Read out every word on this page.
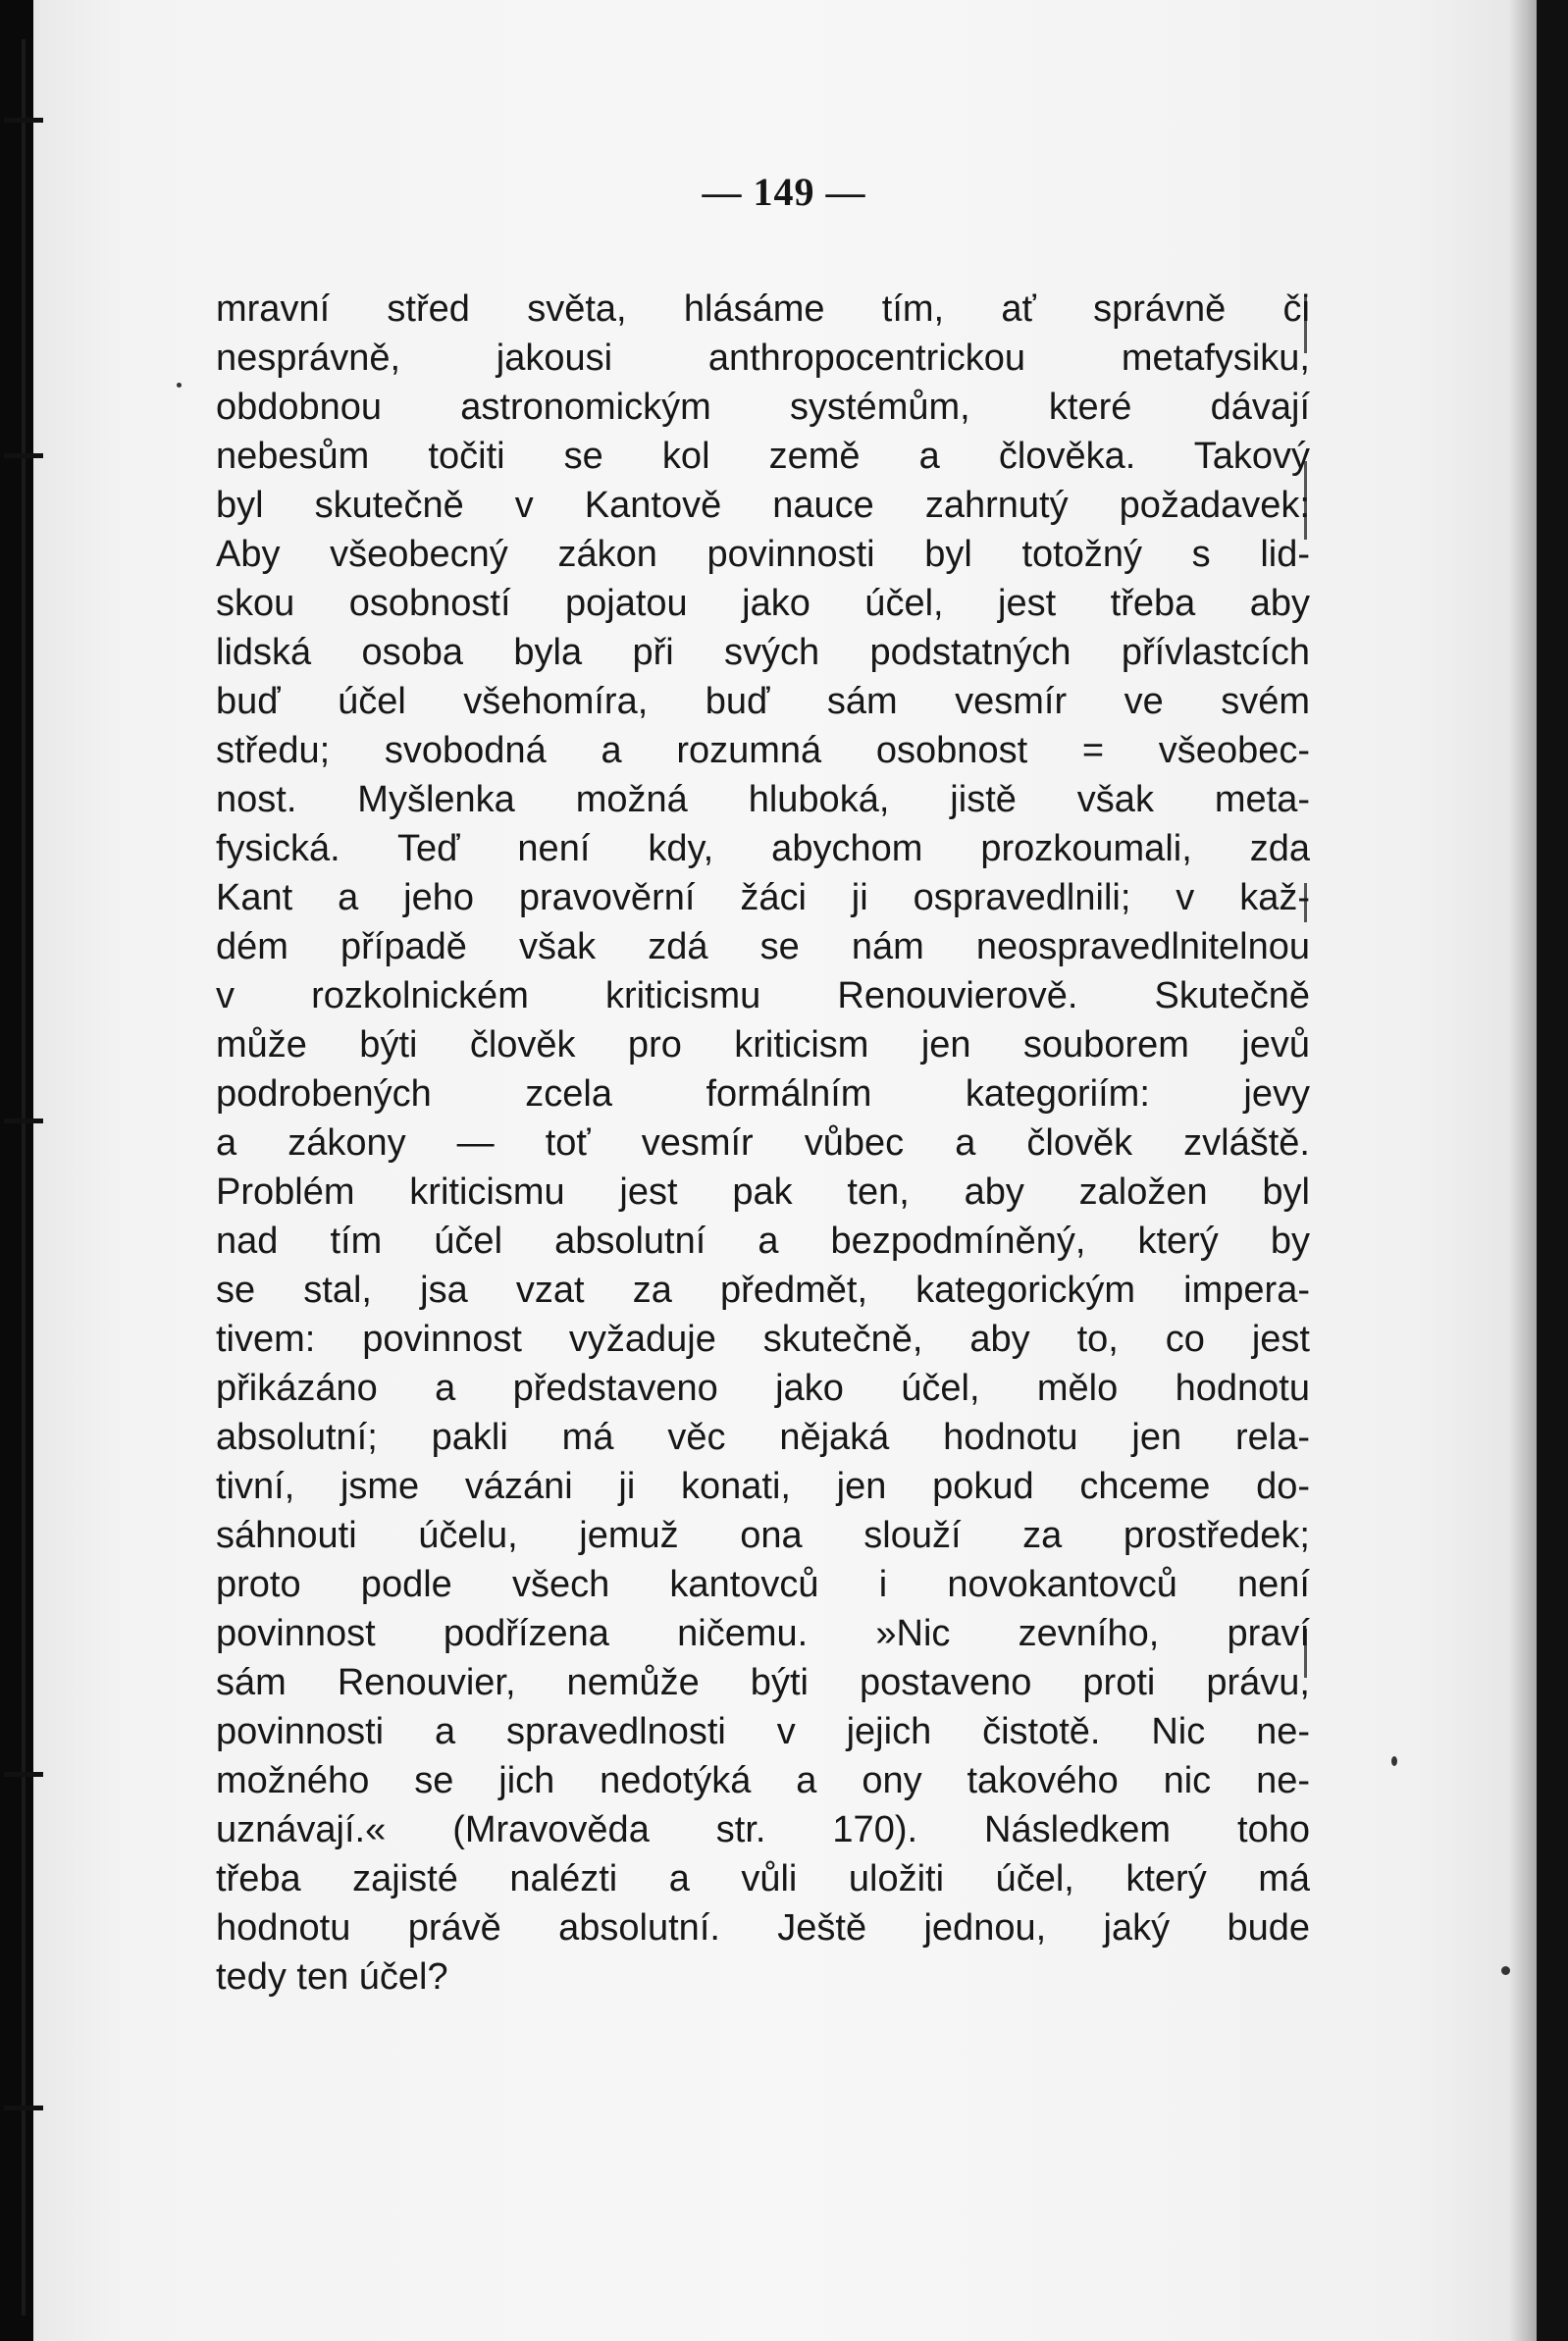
— 149 —
mravní střed světa, hlásáme tím, ať správně či
nesprávně, jakousi anthropocentrickou metafysiku,
obdobnou astronomickým systémům, které dávají
nebesům točiti se kol země a člověka. Takový
byl skutečně v Kantově nauce zahrnutý požadavek:
Aby všeobecný zákon povinnosti byl totožný s lid-
skou osobností pojatou jako účel, jest třeba aby
lidská osoba byla při svých podstatných přívlastcích
buď účel všehomíra, buď sám vesmír ve svém
středu; svobodná a rozumná osobnost = všeobec-
nost. Myšlenka možná hluboká, jistě však meta-
fysická. Teď není kdy, abychom prozkoumali, zda
Kant a jeho pravověrní žáci ji ospravedlnili; v kaž-
dém případě však zdá se nám neospravedlnitelnou
v rozkolnickém kriticismu Renouvierově. Skutečně
může býti člověk pro kriticism jen souborem jevů
podrobených zcela formálním kategoriím: jevy
a zákony — toť vesmír vůbec a člověk zvláště.
Problém kriticismu jest pak ten, aby založen byl
nad tím účel absolutní a bezpodmíněný, který by
se stal, jsa vzat za předmět, kategorickým impera-
tivem: povinnost vyžaduje skutečně, aby to, co jest
přikázáno a představeno jako účel, mělo hodnotu
absolutní; pakli má věc nějaká hodnotu jen rela-
tivní, jsme vázáni ji konati, jen pokud chceme do-
sáhnouti účelu, jemuž ona slouží za prostředek;
proto podle všech kantovců i novokantovců není
povinnost podřízena ničemu. »Nic zevního, praví
sám Renouvier, nemůže býti postaveno proti právu,
povinnosti a spravedlnosti v jejich čistotě. Nic ne-
možného se jich nedotýká a ony takového nic ne-
uznávají.« (Mravověda str. 170). Následkem toho
třeba zajisté nalézti a vůli uložiti účel, který má
hodnotu právě absolutní. Ještě jednou, jaký bude
tedy ten účel?
